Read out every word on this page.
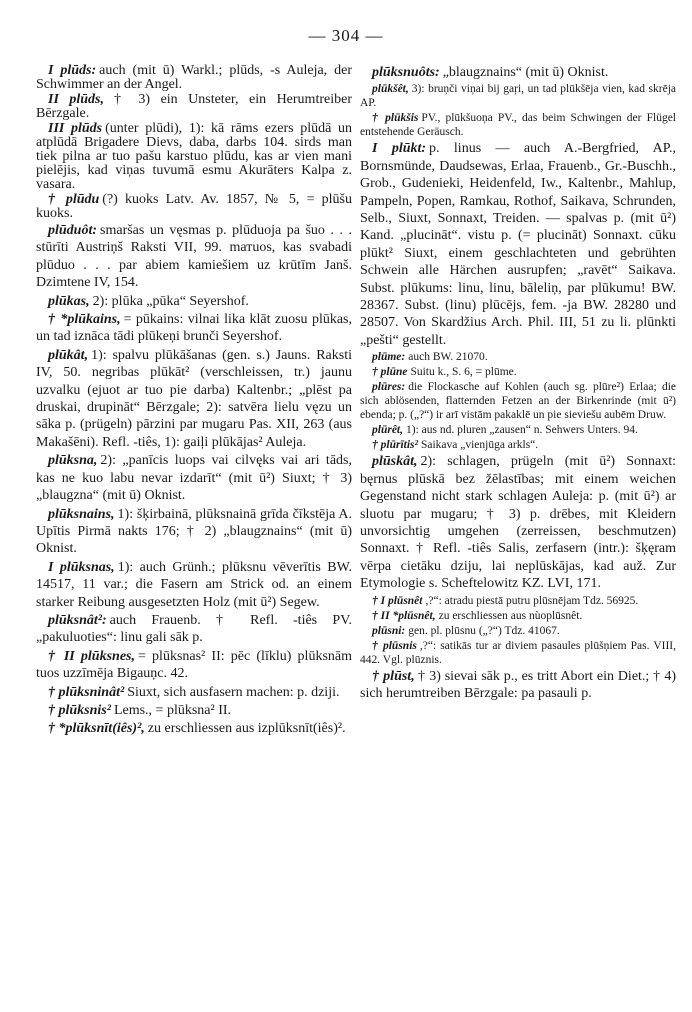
— 304 —

I plūds: auch (mit ū) Warkl.; plūds, -s Auleja, der Schwimmer an der Angel.

II plūds, † 3) ein Unsteter, ein Herumtreiber Bērzgale.

III plūds (unter plūdi), 1): kā rāms ezers plūdā un atplūdā Brigadere Dievs, daba, darbs 104. sirds man tiek pilna ar tuo pašu karstuo plūdu, kas ar vien mani pielējis, kad viņas tuvumā esmu Akurāters Kalpa z. vasara.

† plūdu (?) kuoks Latv. Av. 1857, № 5, = plūšu kuoks.

plūduôt: smaršas un vęsmas p. plūduoja pa šuo . . . stūrīti Austriņš Raksti VII, 99. mатuos, kas svabadi plūduo . . . par abiem kamiešiem uz krūtīm Janš. Dzimtene IV, 154.

plūkas, 2): plūka „pūka“ Seyershof.

† *plūkains, = pūkains: vilnai lika klāt zuosu plūkas, un tad iznāca tādi plūkeņi brunči Seyershof.

plūkât, 1): spalvu plūkāšanas (gen. s.) Jauns. Raksti IV, 50. negribas plūkāt² (verschleissen, tr.) jaunu uzvalku (ejuot ar tuo pie darba) Kaltenbr.; „plēst pa druskai, drupināt“ Bērzgale; 2): satvēra lielu vęzu un sāka p. (prügeln) pārzini par mugaru Pas. XII, 263 (aus Makašēni). Refl. -tiês, 1): gaiļi plūkājas² Auleja.

plūksna, 2): „panīcis luops vai cilvęks vai ari tāds, kas ne kuo labu nevar izdarīt“ (mit ū²) Siuxt; † 3) „blaugzna“ (mit ū) Oknist.

plūksnains, 1): šķirbainā, plūksnainā grīda čīkstēja A. Upītis Pirmā nakts 176; † 2) „blaugznains“ (mit ū) Oknist.

I plūksnas, 1): auch Grünh.; plūksnu vēverītis BW. 14517, 11 var.; die Fasern am Strick od. an einem starker Reibung ausgesetzten Holz (mit ū²) Segew.

plūksnât²: auch Frauenb. † Refl. -tiês PV. „pakuluoties“: linu gali sāk p.

† II plūksnes, = plūksnas² II: pēc (līklu) plūksnām tuos uzzīmēja Bigauņc. 42.

† plūksninât² Siuxt, sich ausfasern machen: p. dziji.

† plūksnis² Lems., = plūksna² II.

† *plūksnīt(iês)², zu erschliessen aus izplūksnīt(iês)².

plūksnuôts: „blaugznains“ (mit ū) Oknist.

plūkšêt, 3): bruņči viņai bij gaŗi, un tad plūkšēja vien, kad skrēja AP.

† plūkšis PV., plūkšuoņa PV., das beim Schwingen der Flügel entstehende Geräusch.

I plūkt: p. linus — auch A.-Bergfried, AP., Bornsmünde, Daudsewas, Erlaa, Frauenb., Gr.-Buschh., Grob., Gudenieki, Heidenfeld, Iw., Kaltenbr., Mahlup, Pampeln, Popen, Ramkau, Rothof, Saikava, Schrunden, Selb., Siuxt, Sonnaxt, Treiden. — spalvas p. (mit ū²) Kand. „plucināt“. vistu p. (= plucināt) Sonnaxt. cūku plūkt² Siuxt, einem geschlachteten und gebrühten Schwein alle Härchen ausrupfen; „ravēt“ Saikava. Subst. plūkums: linu, linu, bāleliņ, par plūkumu! BW. 28367. Subst. (linu) plūcējs, fem. -ja BW. 28280 und 28507. Von Skardžius Arch. Phil. III, 51 zu li. plūnkti „pešti“ gestellt.

plūme: auch BW. 21070.

† plūne Suitu k., S. 6, = plūme.

plūres: die Flockasche auf Kohlen (auch sg. plūre²) Erlaa; die sich ablösenden, flatternden Fetzen an der Birkenrinde (mit ū²) ebenda; p. („?“) ir arī vistām pakaklē un pie sieviešu aubēm Druw.

plūrêt, 1): aus nd. pluren „zausen“ n. Sehwers Unters. 94.

† plūrītis² Saikava „vienjūga arkls“.

plūskât, 2): schlagen, prügeln (mit ū²) Sonnaxt: bęrnus plūskā bez žēlastības; mit einem weichen Gegenstand nicht stark schlagen Auleja: p. (mit ū²) ar sluotu par mugaru; † 3) p. drēbes, mit Kleidern unvorsichtig umgehen (zerreissen, beschmutzen) Sonnaxt. † Refl. -tiês Salis, zerfasern (intr.): šķęram vērpa cietāku dziju, lai neplūskājas, kad auž. Zur Etymologie s. Scheftelowitz KZ. LVI, 171.

† I plūsnêt ,?“: atradu piestā putru plūsnējam Tdz. 56925.

† II *plūsnêt, zu erschliessen aus nùoplūsnêt.

plūsni: gen. pl. plūsnu („?“) Tdz. 41067.

† plūsnis ,?“: satikās tur ar diviem pasaules plūšņiem Pas. VIII, 442. Vgl. plūznis.

† plūst, † 3) sievai sāk p., es tritt Abort ein Diet.; † 4) sich herumtreiben Bērzgale: pa pasauli p.
